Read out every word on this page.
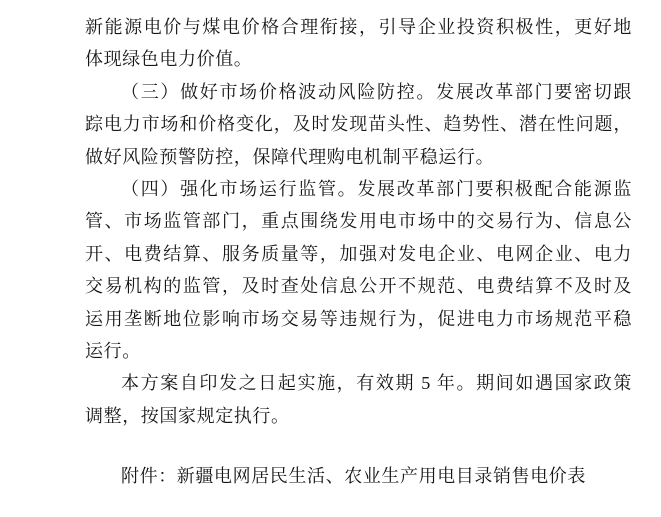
新能源电价与煤电价格合理衔接，引导企业投资积极性，更好地
体现绿色电力价值。
（三）做好市场价格波动风险防控。发展改革部门要密切跟
踪电力市场和价格变化，及时发现苗头性、趋势性、潜在性问题，
做好风险预警防控，保障代理购电机制平稳运行。
（四）强化市场运行监管。发展改革部门要积极配合能源监
管、市场监管部门，重点围绕发用电市场中的交易行为、信息公
开、电费结算、服务质量等，加强对发电企业、电网企业、电力
交易机构的监管，及时查处信息公开不规范、电费结算不及时及
运用垄断地位影响市场交易等违规行为，促进电力市场规范平稳
运行。
本方案自印发之日起实施，有效期 5 年。期间如遇国家政策
调整，按国家规定执行。
附件：新疆电网居民生活、农业生产用电目录销售电价表
